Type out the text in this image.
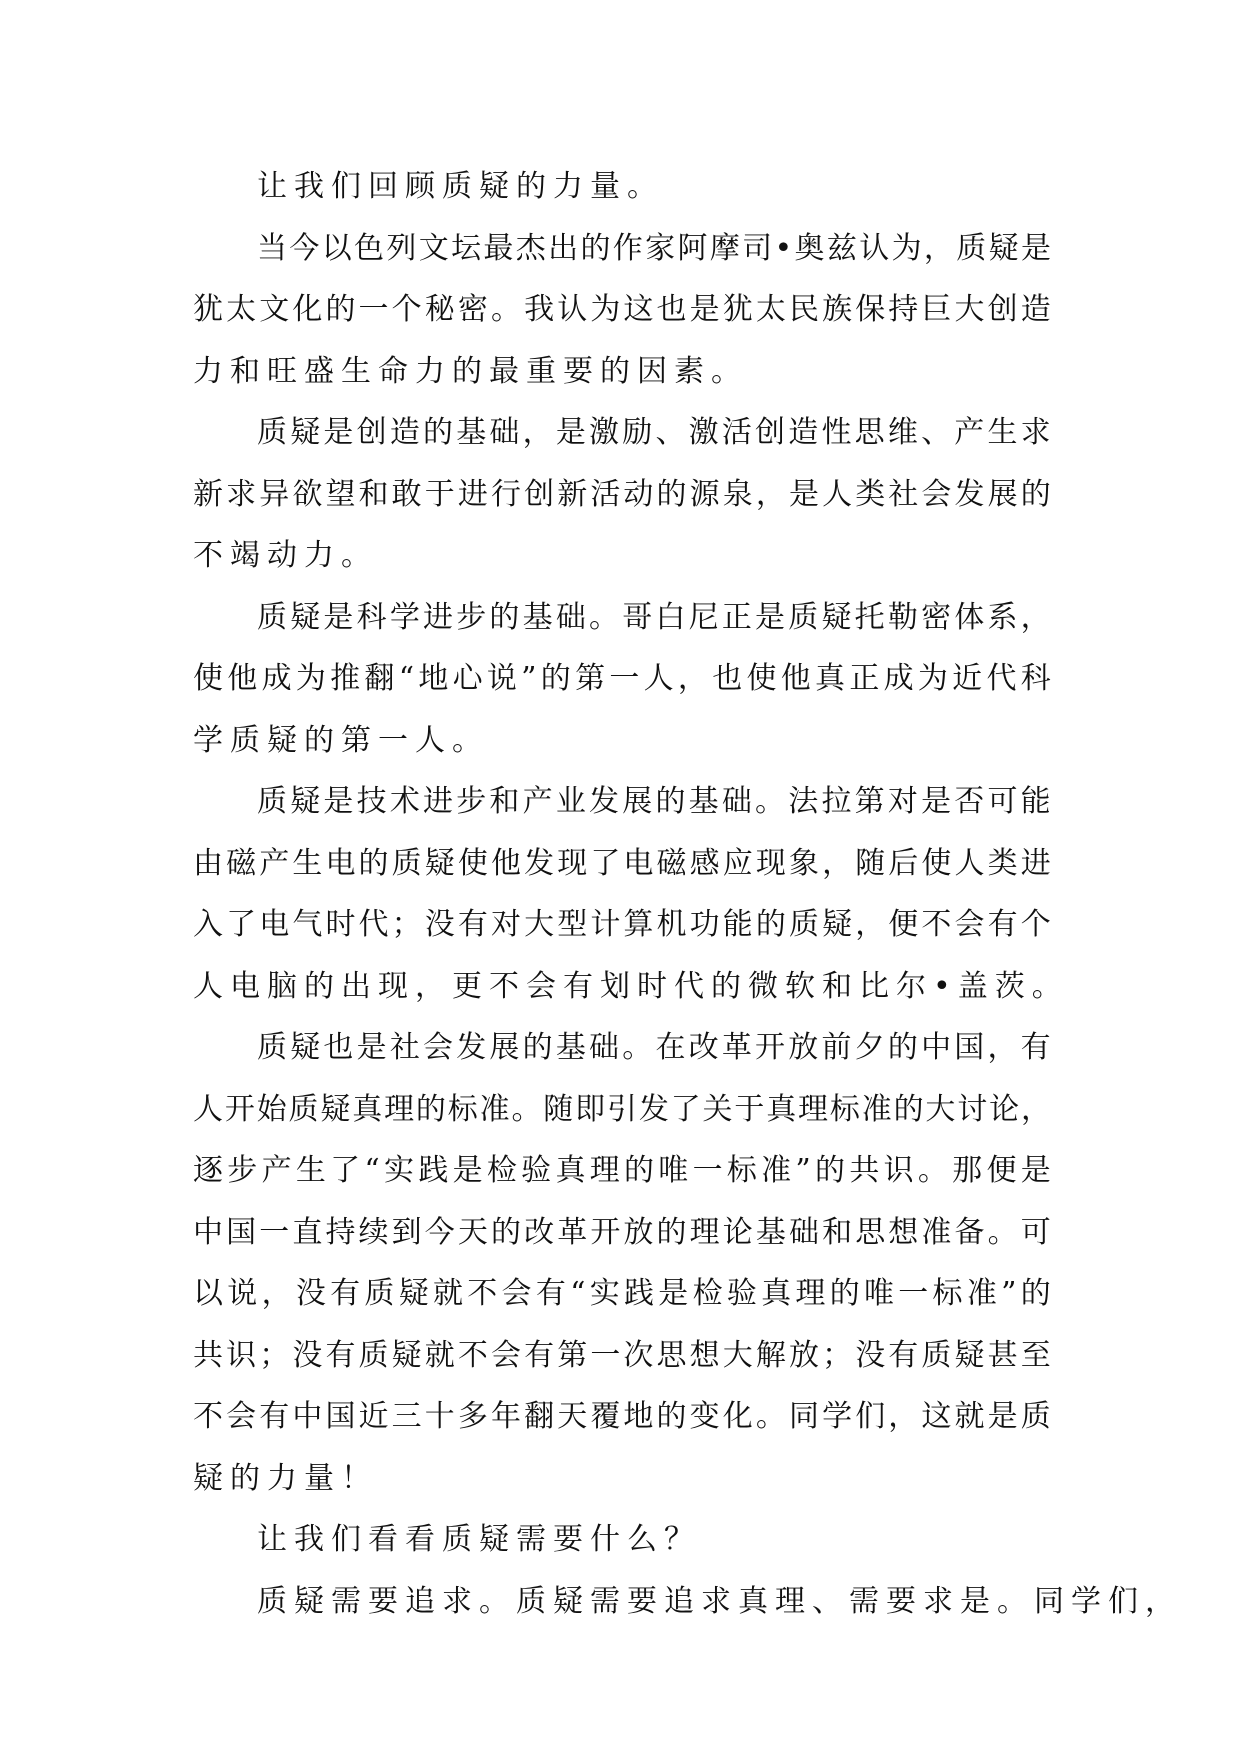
让我们回顾质疑的力量。
当 今 以 色 列 文 坛 最 杰 出 的 作 家 阿 摩 司 • 奥 兹 认 为 ， 质 疑 是
犹 太 文 化 的 一 个 秘 密 。 我 认 为 这 也 是 犹 太 民 族 保 持 巨 大 创 造
力和旺盛生命力的最重要的因素。
质 疑 是 创 造 的 基 础 ， 是 激 励 、 激 活 创 造 性 思 维 、 产 生 求
新 求 异 欲 望 和 敢 于 进 行 创 新 活 动 的 源 泉 ， 是 人 类 社 会 发 展 的
不竭动力。
质 疑 是 科 学 进 步 的 基 础 。 哥 白 尼 正 是 质 疑 托 勒 密 体 系 ，
使 他 成 为 推 翻 “ 地 心 说 ” 的 第 一 人 ， 也 使 他 真 正 成 为 近 代 科
学质疑的第一人。
质 疑 是 技 术 进 步 和 产 业 发 展 的 基 础 。 法 拉 第 对 是 否 可 能
由 磁 产 生 电 的 质 疑 使 他 发 现 了 电 磁 感 应 现 象 ， 随 后 使 人 类 进
入 了 电 气 时 代 ； 没 有 对 大 型 计 算 机 功 能 的 质 疑 ， 便 不 会 有 个
人电脑的出现，更不会有划时代的微软和比尔•盖茨。
质 疑 也 是 社 会 发 展 的 基 础 。 在 改 革 开 放 前 夕 的 中 国 ， 有
人 开 始 质 疑 真 理 的 标 准 。 随 即 引 发 了 关 于 真 理 标 准 的 大 讨 论 ，
逐 步 产 生 了 “ 实 践 是 检 验 真 理 的 唯 一 标 准 ” 的 共 识 。 那 便 是
中 国 一 直 持 续 到 今 天 的 改 革 开 放 的 理 论 基 础 和 思 想 准 备 。 可
以 说 ， 没 有 质 疑 就 不 会 有 “ 实 践 是 检 验 真 理 的 唯 一 标 准 ” 的
共 识 ； 没 有 质 疑 就 不 会 有 第 一 次 思 想 大 解 放 ； 没 有 质 疑 甚 至
不 会 有 中 国 近 三 十 多 年 翻 天 覆 地 的 变 化 。 同 学 们 ， 这 就 是 质
疑的力量！
让我们看看质疑需要什么？
质疑需要追求。质疑需要追求真理、需要求是。同学们，
